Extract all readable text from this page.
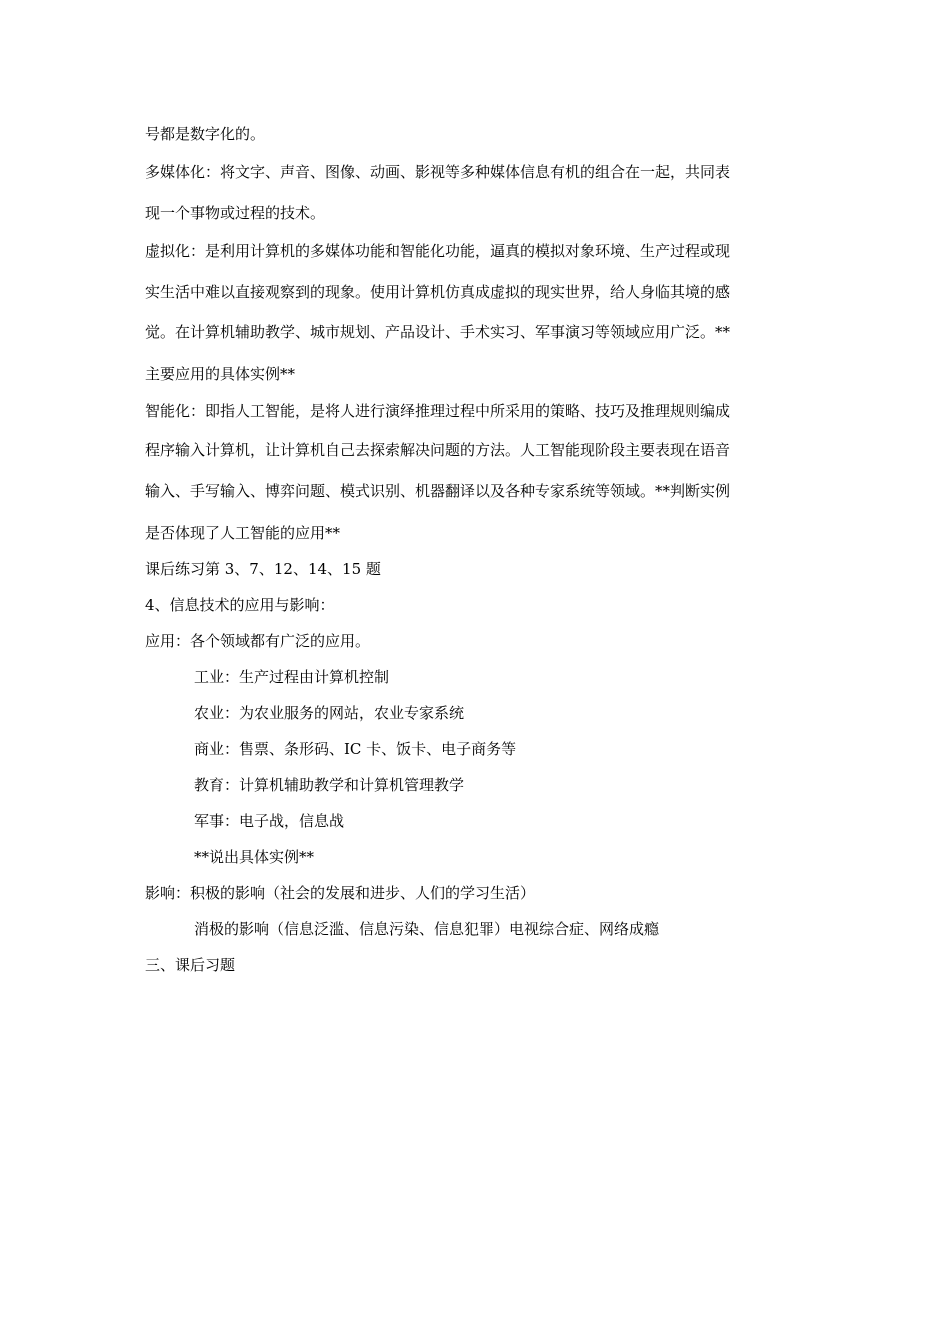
号都是数字化的。
多媒体化：将文字、声音、图像、动画、影视等多种媒体信息有机的组合在一起，共同表
现一个事物或过程的技术。
虚拟化：是利用计算机的多媒体功能和智能化功能，逼真的模拟对象环境、生产过程或现
实生活中难以直接观察到的现象。使用计算机仿真成虚拟的现实世界，给人身临其境的感
觉。在计算机辅助教学、城市规划、产品设计、手术实习、军事演习等领域应用广泛。**
主要应用的具体实例**
智能化：即指人工智能，是将人进行演绎推理过程中所采用的策略、技巧及推理规则编成
程序输入计算机，让计算机自己去探索解决问题的方法。人工智能现阶段主要表现在语音
输入、手写输入、博弈问题、模式识别、机器翻译以及各种专家系统等领域。**判断实例
是否体现了人工智能的应用**
课后练习第 3、7、12、14、15 题
4、信息技术的应用与影响：
应用：各个领域都有广泛的应用。
工业：生产过程由计算机控制
农业：为农业服务的网站，农业专家系统
商业：售票、条形码、IC 卡、饭卡、电子商务等
教育：计算机辅助教学和计算机管理教学
军事：电子战，信息战
**说出具体实例**
影响：积极的影响（社会的发展和进步、人们的学习生活）
消极的影响（信息泛滥、信息污染、信息犯罪）电视综合症、网络成瘾
三、课后习题
